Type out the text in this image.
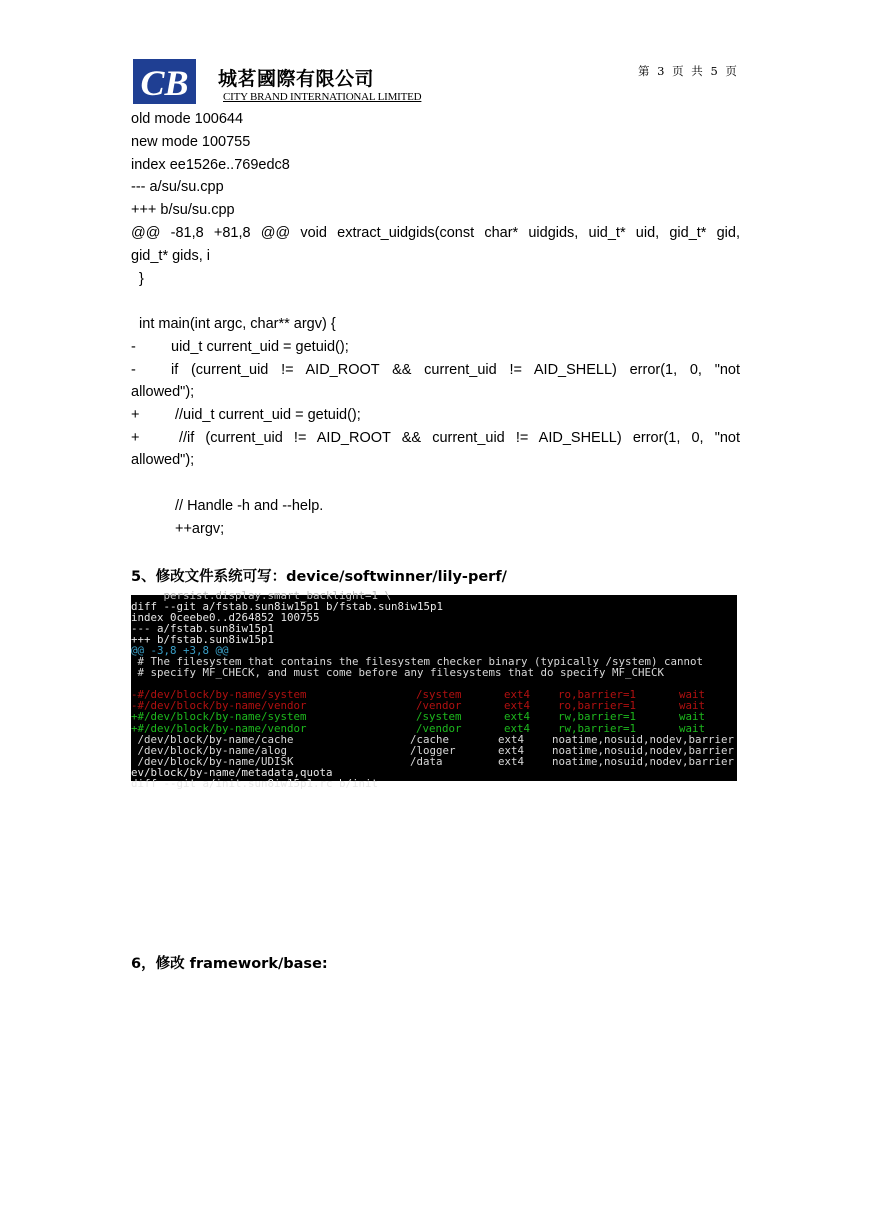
CB 城茗國際有限公司
CITY BRAND INTERNATIONAL LIMITED
第 3 页 共 5 页
old mode 100644
new mode 100755
index ee1526e..769edc8
--- a/su/su.cpp
+++ b/su/su.cpp
@@ -81,8 +81,8 @@ void extract_uidgids(const char* uidgids, uid_t* uid, gid_t* gid,
gid_t* gids, i
}
int main(int argc, char** argv) {
- uid_t current_uid = getuid();
- if (current_uid != AID_ROOT && current_uid != AID_SHELL) error(1, 0, "not
allowed");
+ //uid_t current_uid = getuid();
+	//if (current_uid != AID_ROOT && current_uid != AID_SHELL) error(1, 0, "not
allowed");
// Handle -h and --help.
++argv;
5、修改文件系统可写：device/softwinner/lily-perf/
persist.display.smart_backlight=1 \
diff --git a/fstab.sun8iw15p1 b/fstab.sun8iw15p1
index 0ceebe0..d264852 100755
--- a/fstab.sun8iw15p1
+++ b/fstab.sun8iw15p1
@@ -3,8 +3,8 @@
# The filesystem that contains the filesystem checker binary (typically /system) cannot
# specify MF_CHECK, and must come before any filesystems that do specify MF_CHECK
-#/dev/block/by-name/system	/system	ext4	ro,barrier=1	wait
-#/dev/block/by-name/vendor	/vendor	ext4	ro,barrier=1	wait
+#/dev/block/by-name/system	/system	ext4	rw,barrier=1	wait
+#/dev/block/by-name/vendor	/vendor	ext4	rw,barrier=1	wait
/dev/block/by-name/cache	/cache	ext4	noatime,nosuid,nodev,barrier
/dev/block/by-name/alog	/logger	ext4	noatime,nosuid,nodev,barrier
/dev/block/by-name/UDISK	/data	ext4	noatime,nosuid,nodev,barrier
ev/block/by-name/metadata,quota
diff --git a/init.sun8iw15p1.rc b/init
6，修改 framework/base:
